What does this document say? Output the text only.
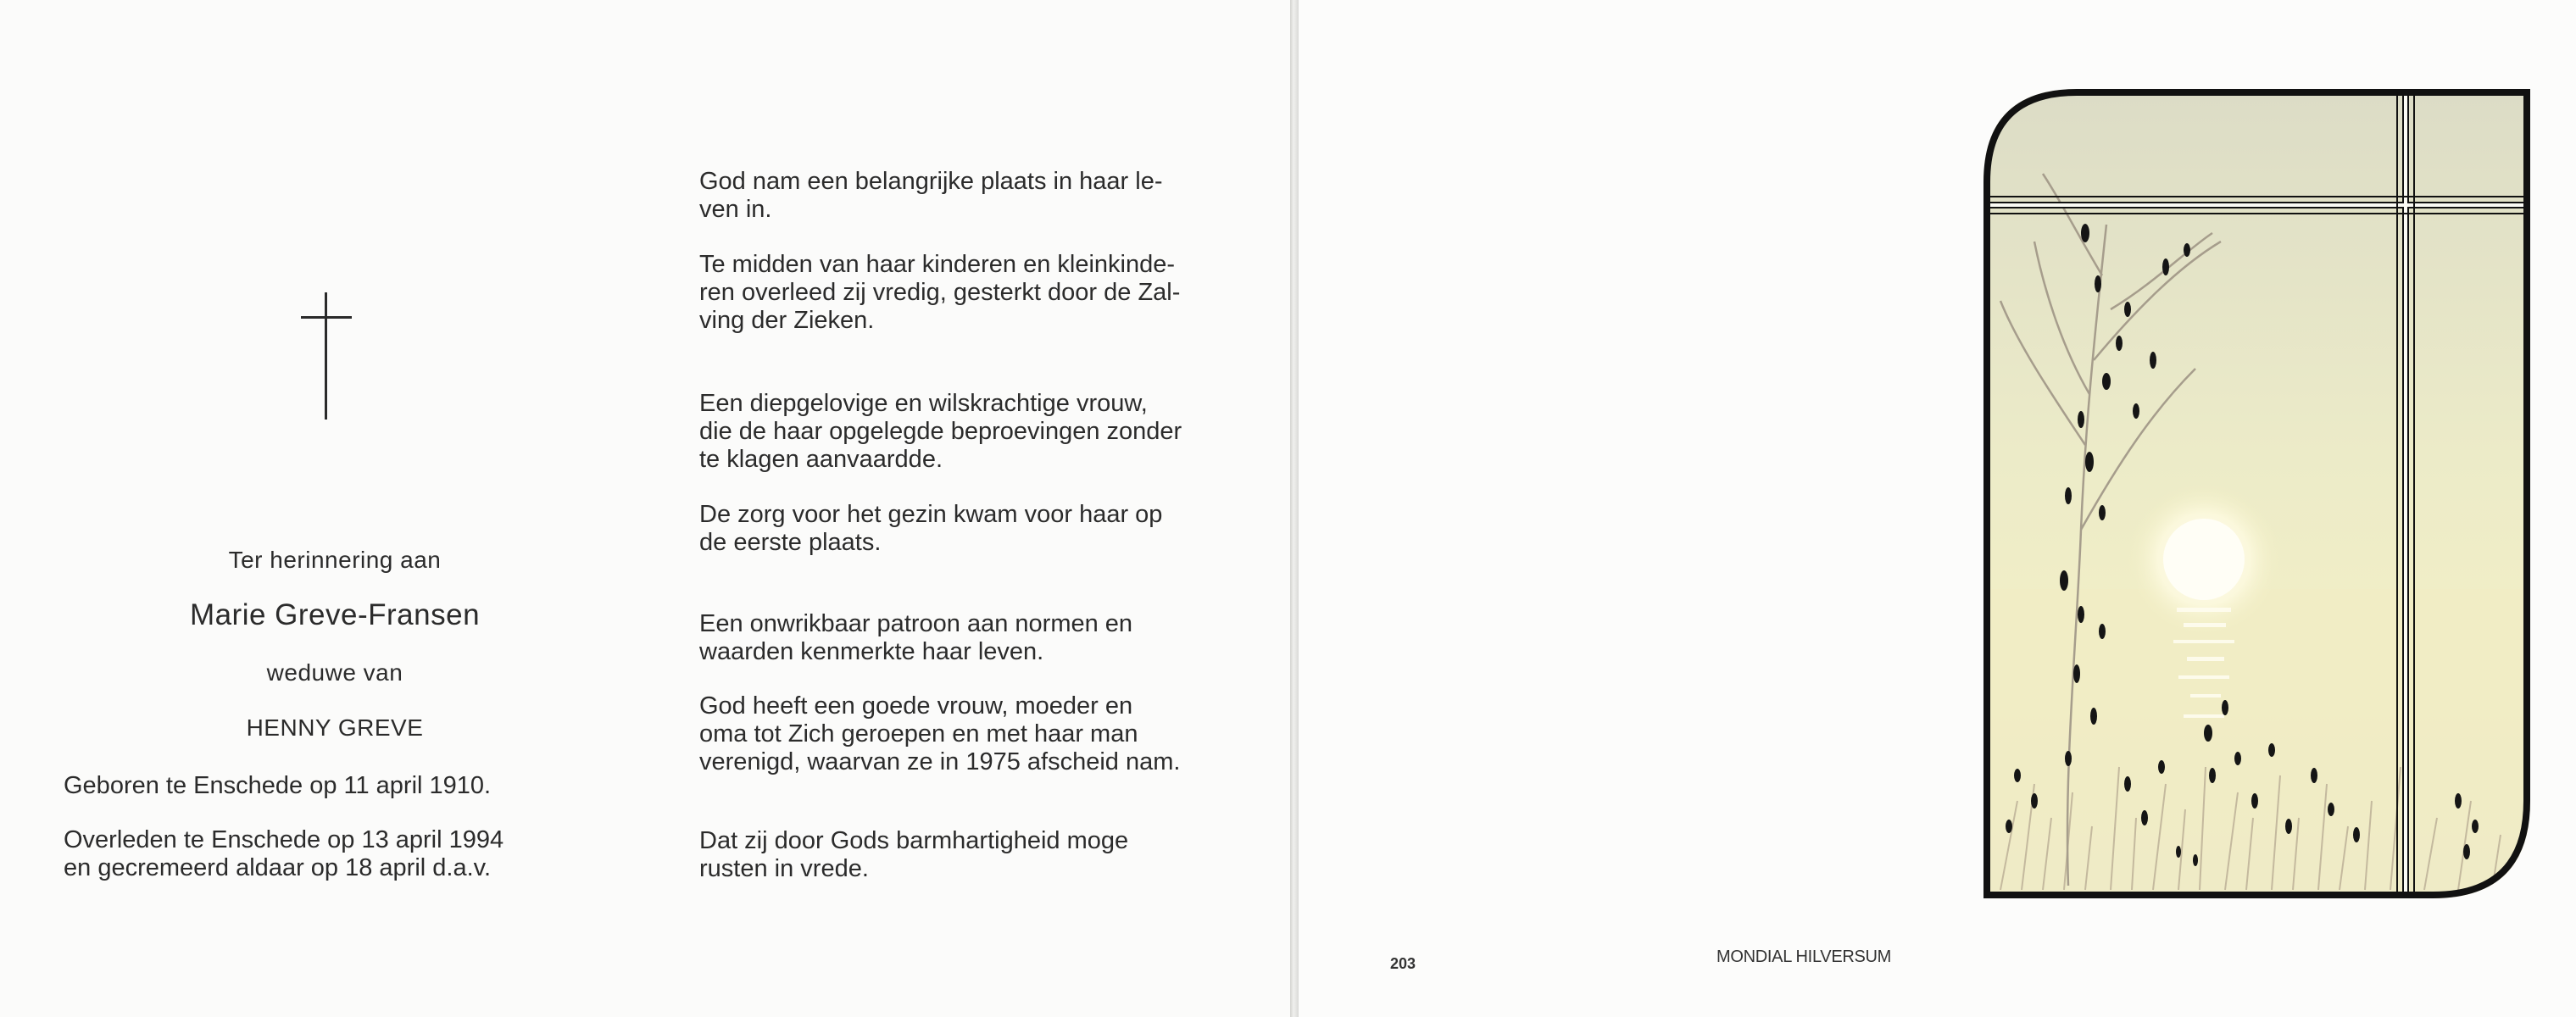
Ter herinnering aan
Marie Greve-Fransen
weduwe van
HENNY GREVE
Geboren te Enschede op 11 april 1910.
Overleden te Enschede op 13 april 1994
en gecremeerd aldaar op 18 april d.a.v.

God nam een belangrijke plaats in haar le-

ven in.

Te midden van haar kinderen en kleinkinde-

ren overleed zij vredig, gesterkt door de Zal-

ving der Zieken.

Een diepgelovige en wilskrachtige vrouw,

die de haar opgelegde beproevingen zonder

te klagen aanvaardde.

De zorg voor het gezin kwam voor haar op

de eerste plaats.

Een onwrikbaar patroon aan normen en

waarden kenmerkte haar leven.

God heeft een goede vrouw, moeder en

oma tot Zich geroepen en met haar man

verenigd, waarvan ze in 1975 afscheid nam.

Dat zij door Gods barmhartigheid moge

rusten in vrede.

203	MONDIAL HILVERSUM
